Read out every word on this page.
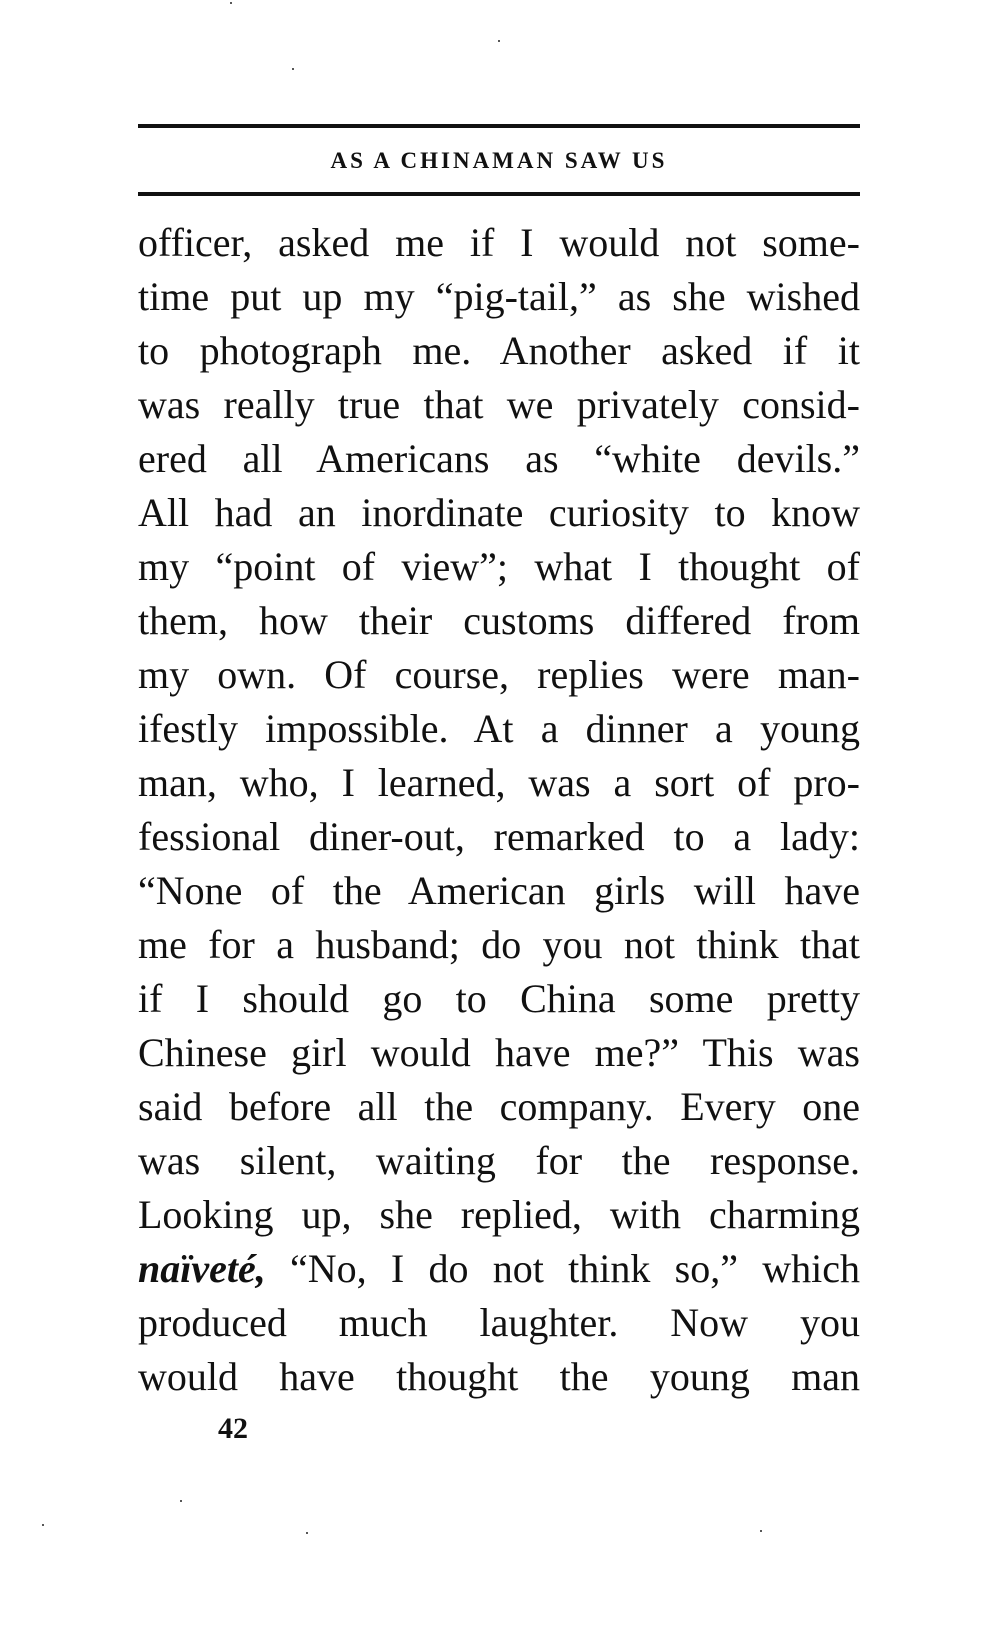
AS A CHINAMAN SAW US
officer, asked me if I would not some-
time put up my “pig-tail,” as she wished
to photograph me. Another asked if it
was really true that we privately consid-
ered all Americans as “white devils.”
All had an inordinate curiosity to know
my “point of view”; what I thought of
them, how their customs differed from
my own. Of course, replies were man-
ifestly impossible. At a dinner a young
man, who, I learned, was a sort of pro-
fessional diner-out, remarked to a lady:
“None of the American girls will have
me for a husband; do you not think that
if I should go to China some pretty
Chinese girl would have me?” This was
said before all the company. Every one
was silent, waiting for the response.
Looking up, she replied, with charming
naïveté, “No, I do not think so,” which
produced much laughter. Now you
would have thought the young man
42
